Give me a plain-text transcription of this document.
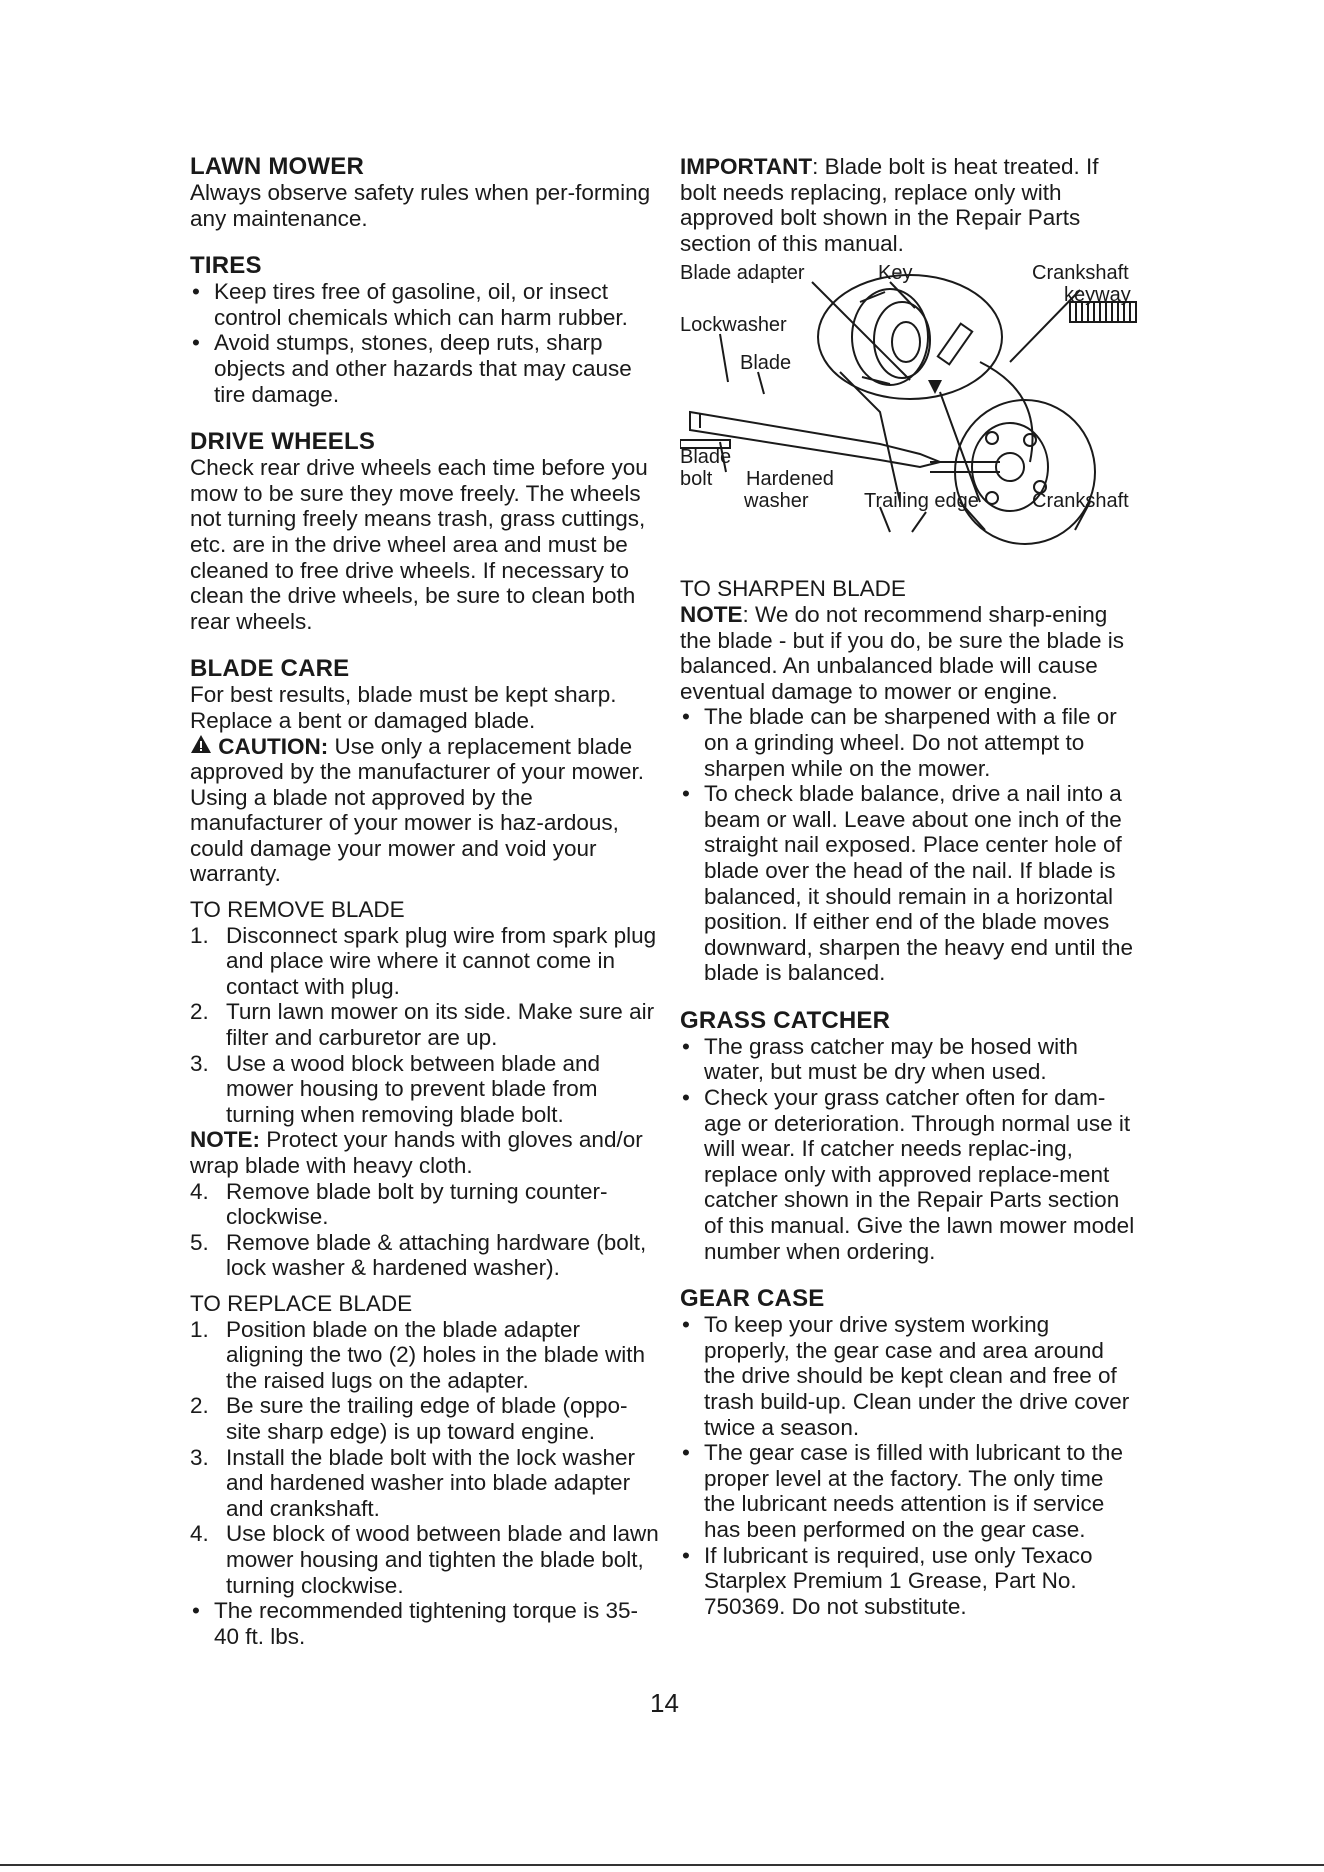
LAWN MOWER

Always observe safety rules when per-forming any maintenance.

TIRES
• Keep tires free of gasoline, oil, or insect control chemicals which can harm rubber.
• Avoid stumps, stones, deep ruts, sharp objects and other hazards that may cause tire damage.
DRIVE WHEELS

Check rear drive wheels each time before you mow to be sure they move freely. The wheels not turning freely means trash, grass cuttings, etc. are in the drive wheel area and must be cleaned to free drive wheels. If necessary to clean the drive wheels, be sure to clean both rear wheels.

BLADE CARE

For best results, blade must be kept sharp. Replace a bent or damaged blade.

CAUTION: Use only a replacement blade approved by the manufacturer of your mower. Using a blade not approved by the manufacturer of your mower is haz-ardous, could damage your mower and void your warranty.

TO REMOVE BLADE

1. Disconnect spark plug wire from spark plug and place wire where it cannot come in contact with plug.
2. Turn lawn mower on its side. Make sure air filter and carburetor are up.
3. Use a wood block between blade and mower housing to prevent blade from turning when removing blade bolt.

NOTE: Protect your hands with gloves and/or wrap blade with heavy cloth.

4. Remove blade bolt by turning counter-clockwise.
5. Remove blade & attaching hardware (bolt, lock washer & hardened washer).

TO REPLACE BLADE

1. Position blade on the blade adapter aligning the two (2) holes in the blade with the raised lugs on the adapter.
2. Be sure the trailing edge of blade (oppo-site sharp edge) is up toward engine.
3. Install the blade bolt with the lock washer and hardened washer into blade adapter and crankshaft.
4. Use block of wood between blade and lawn mower housing and tighten the blade bolt, turning clockwise.
• The recommended tightening torque is 35-40 ft. lbs.

IMPORTANT: Blade bolt is heat treated. If bolt needs replacing, replace only with approved bolt shown in the Repair Parts section of this manual.

Blade adapter	Key	Crankshaft
keyway
Lockwasher
Blade
Blade
bolt Hardened
washer	Trailing edge	Crankshaft

TO SHARPEN BLADE

NOTE: We do not recommend sharp-ening the blade - but if you do, be sure the blade is balanced. An unbalanced blade will cause eventual damage to mower or engine.

• The blade can be sharpened with a file or on a grinding wheel. Do not attempt to sharpen while on the mower.
• To check blade balance, drive a nail into a beam or wall. Leave about one inch of the straight nail exposed. Place center hole of blade over the head of the nail. If blade is balanced, it should remain in a horizontal position. If either end of the blade moves downward, sharpen the heavy end until the blade is balanced.
GRASS CATCHER
• The grass catcher may be hosed with water, but must be dry when used.
• Check your grass catcher often for dam-age or deterioration. Through normal use it will wear. If catcher needs replac-ing, replace only with approved replace-ment catcher shown in the Repair Parts section of this manual. Give the lawn mower model number when ordering.
GEAR CASE
• To keep your drive system working properly, the gear case and area around the drive should be kept clean and free of trash build-up. Clean under the drive cover twice a season.
• The gear case is filled with lubricant to the proper level at the factory. The only time the lubricant needs attention is if service has been performed on the gear case.
• If lubricant is required, use only Texaco Starplex Premium 1 Grease, Part No. 750369. Do not substitute.
14
